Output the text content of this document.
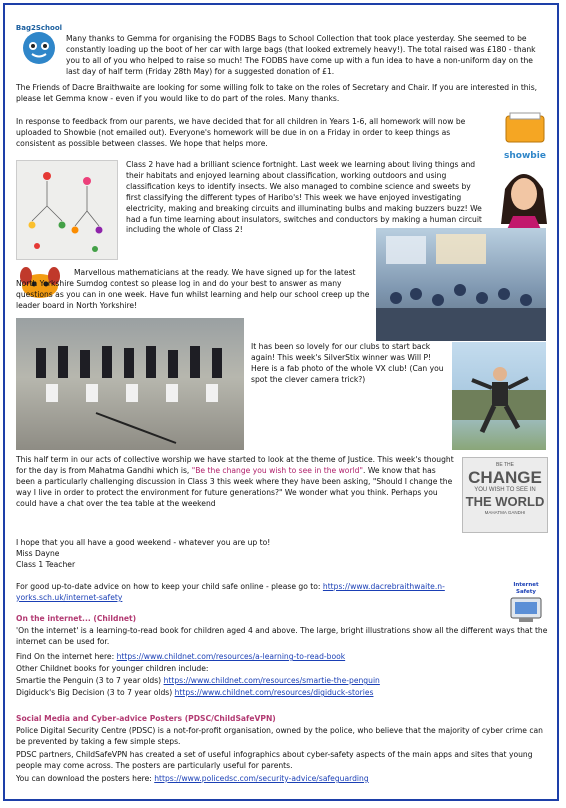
Bag2School

Many thanks to Gemma for organising the FODBS Bags to School Collection that took place yesterday. She seemed to be constantly loading up the boot of her car with large bags (that looked extremely heavy!). The total raised was £180 - thank you to all of you who helped to raise so much! The FODBS have come up with a fun idea to have a non-uniform day on the last day of half term (Friday 28th May) for a suggested donation of £1.

The Friends of Dacre Braithwaite are looking for some willing folk to take on the roles of Secretary and Chair. If you are interested in this, please let Gemma know - even if you would like to do part of the roles. Many thanks.

In response to feedback from our parents, we have decided that for all children in Years 1-6, all homework will now be uploaded to Showbie (not emailed out). Everyone's homework will be due in on a Friday in order to keep things as consistent as possible between classes. We hope that helps more.

showbie

Class 2 have had a brilliant science fortnight. Last week we learning about living things and their habitats and enjoyed learning about classification, working outdoors and using classification keys to identify insects. We also managed to combine science and sweets by first classifying the different types of Haribo's! This week we have enjoyed investigating electricity, making and breaking circuits and illuminating bulbs and making buzzers buzz! We had a fun time learning about insulators, switches and conductors by making a human circuit including the whole of Class 2!

Marvellous mathematicians at the ready. We have signed up for the latest North Yorkshire Sumdog contest so please log in and do your best to answer as many questions as you can in one week. Have fun whilst learning and help our school creep up the leader board in North Yorkshire!

It has been so lovely for our clubs to start back again! This week's SilverStix winner was Will P! Here is a fab photo of the whole VX club! (Can you spot the clever camera trick?)

This half term in our acts of collective worship we have started to look at the theme of Justice. This week's thought for the day is from Mahatma Gandhi which is, "Be the change you wish to see in the world". We know that has been a particularly challenging discussion in Class 3 this week where they have been asking, "Should I change the way I live in order to protect the environment for future generations?" We wonder what you think. Perhaps you could have a chat over the tea table at the weekend

BE THE
CHANGE
YOU WISH TO SEE IN
THE WORLD
MAHATMA GANDHI

I hope that you all have a good weekend - whatever you are up to!

Miss Dayne

Class 1 Teacher

For good up-to-date advice on how to keep your child safe online - please go to: https://www.dacrebraithwaite.n-yorks.sch.uk/internet-safety

Internet Safety

On the internet... (Childnet)

'On the internet' is a learning-to-read book for children aged 4 and above. The large, bright illustrations show all the different ways that the internet can be used for.

Find On the internet here: https://www.childnet.com/resources/a-learning-to-read-book

Other Childnet books for younger children include:

Smartie the Penguin (3 to 7 year olds) https://www.childnet.com/resources/smartie-the-penguin

Digiduck's Big Decision (3 to 7 year olds) https://www.childnet.com/resources/digiduck-stories

Social Media and Cyber-advice Posters (PDSC/ChildSafeVPN)

Police Digital Security Centre (PDSC) is a not-for-profit organisation, owned by the police, who believe that the majority of cyber crime can be prevented by taking a few simple steps.

PDSC partners, ChildSafeVPN has created a set of useful infographics about cyber-safety aspects of the main apps and sites that young people may come across. The posters are particularly useful for parents.

You can download the posters here: https://www.policedsc.com/security-advice/safeguarding
